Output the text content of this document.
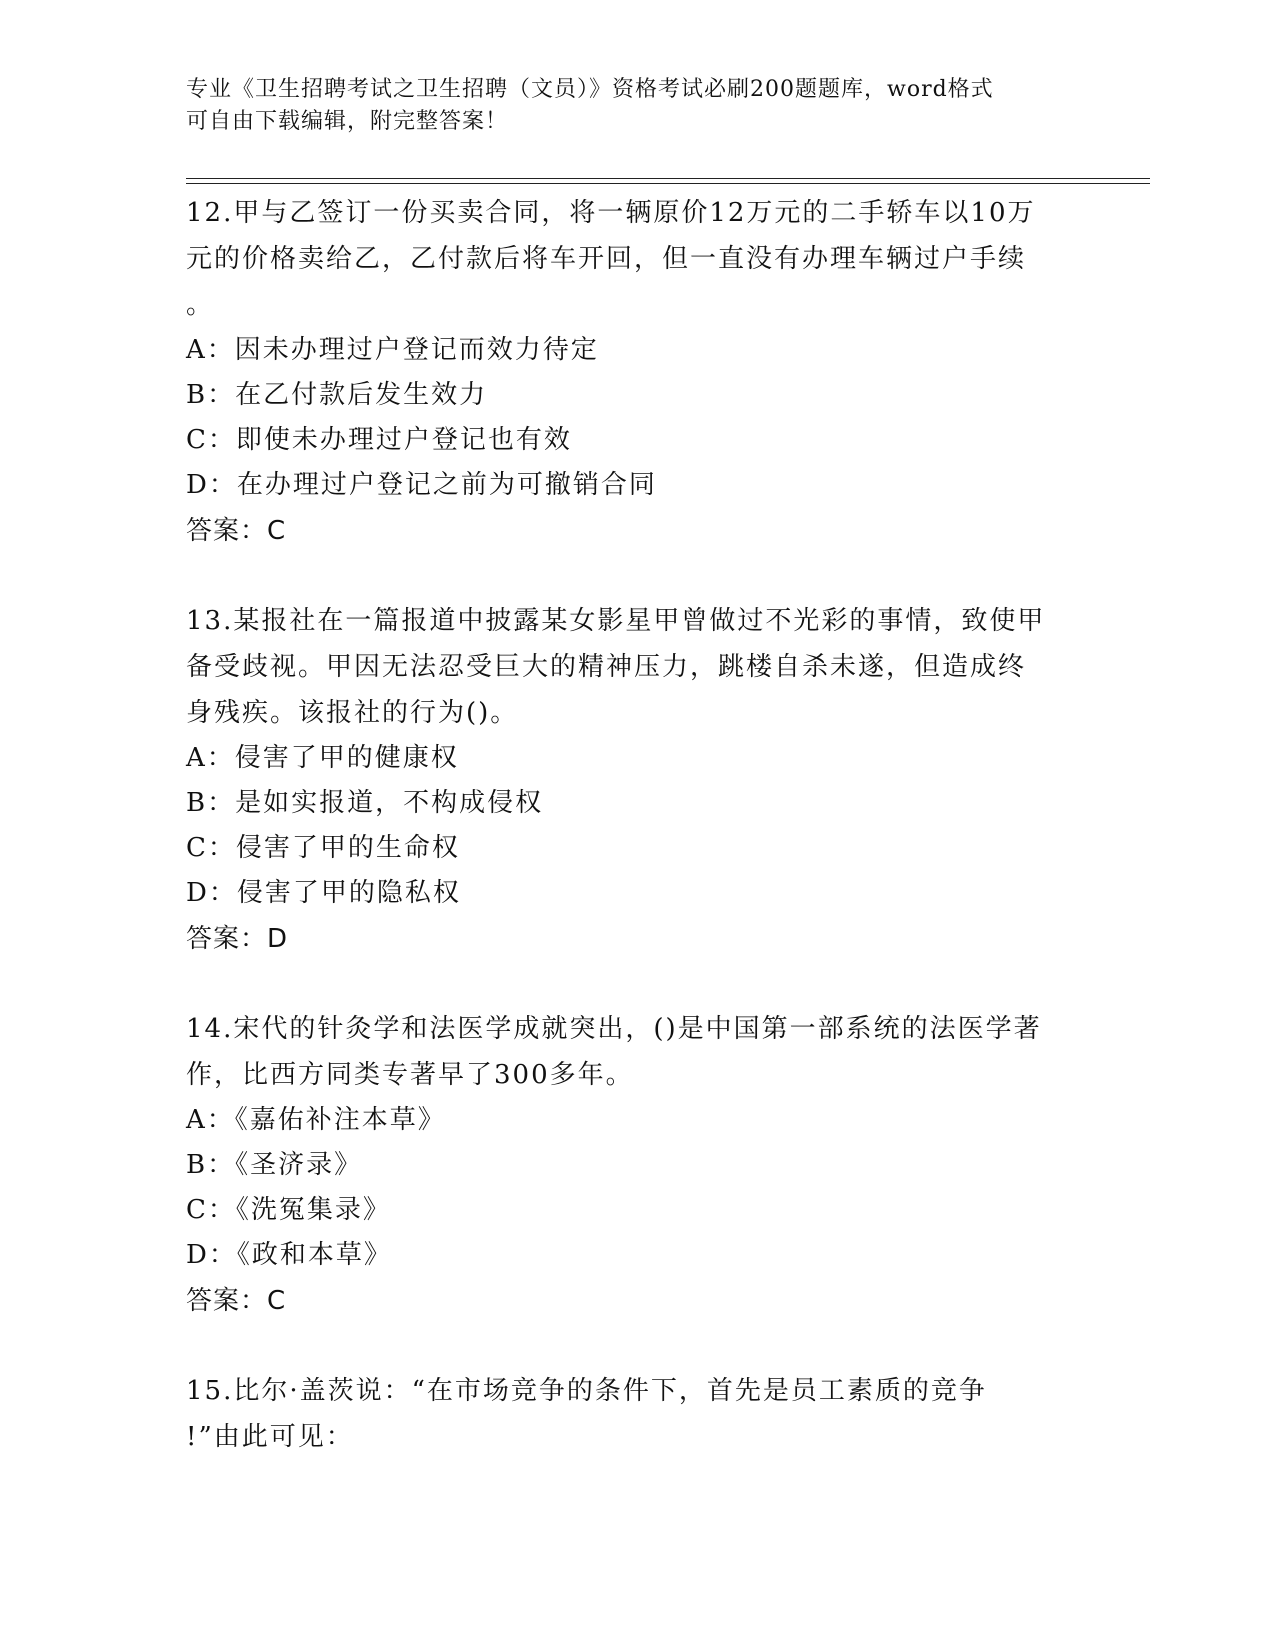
专业《卫生招聘考试之卫生招聘（文员）》资格考试必刷200题题库，word格式
可自由下载编辑，附完整答案！
12.甲与乙签订一份买卖合同，将一辆原价12万元的二手轿车以10万
元的价格卖给乙，乙付款后将车开回，但一直没有办理车辆过户手续
。
A：因未办理过户登记而效力待定
B：在乙付款后发生效力
C：即使未办理过户登记也有效
D：在办理过户登记之前为可撤销合同
答案：C
13.某报社在一篇报道中披露某女影星甲曾做过不光彩的事情，致使甲
备受歧视。甲因无法忍受巨大的精神压力，跳楼自杀未遂，但造成终
身残疾。该报社的行为()。
A：侵害了甲的健康权
B：是如实报道，不构成侵权
C：侵害了甲的生命权
D：侵害了甲的隐私权
答案：D
14.宋代的针灸学和法医学成就突出，()是中国第一部系统的法医学著
作，比西方同类专著早了300多年。
A：《嘉佑补注本草》
B：《圣济录》
C：《洗冤集录》
D：《政和本草》
答案：C
15.比尔·盖茨说：“在市场竞争的条件下，首先是员工素质的竞争
!”由此可见：
